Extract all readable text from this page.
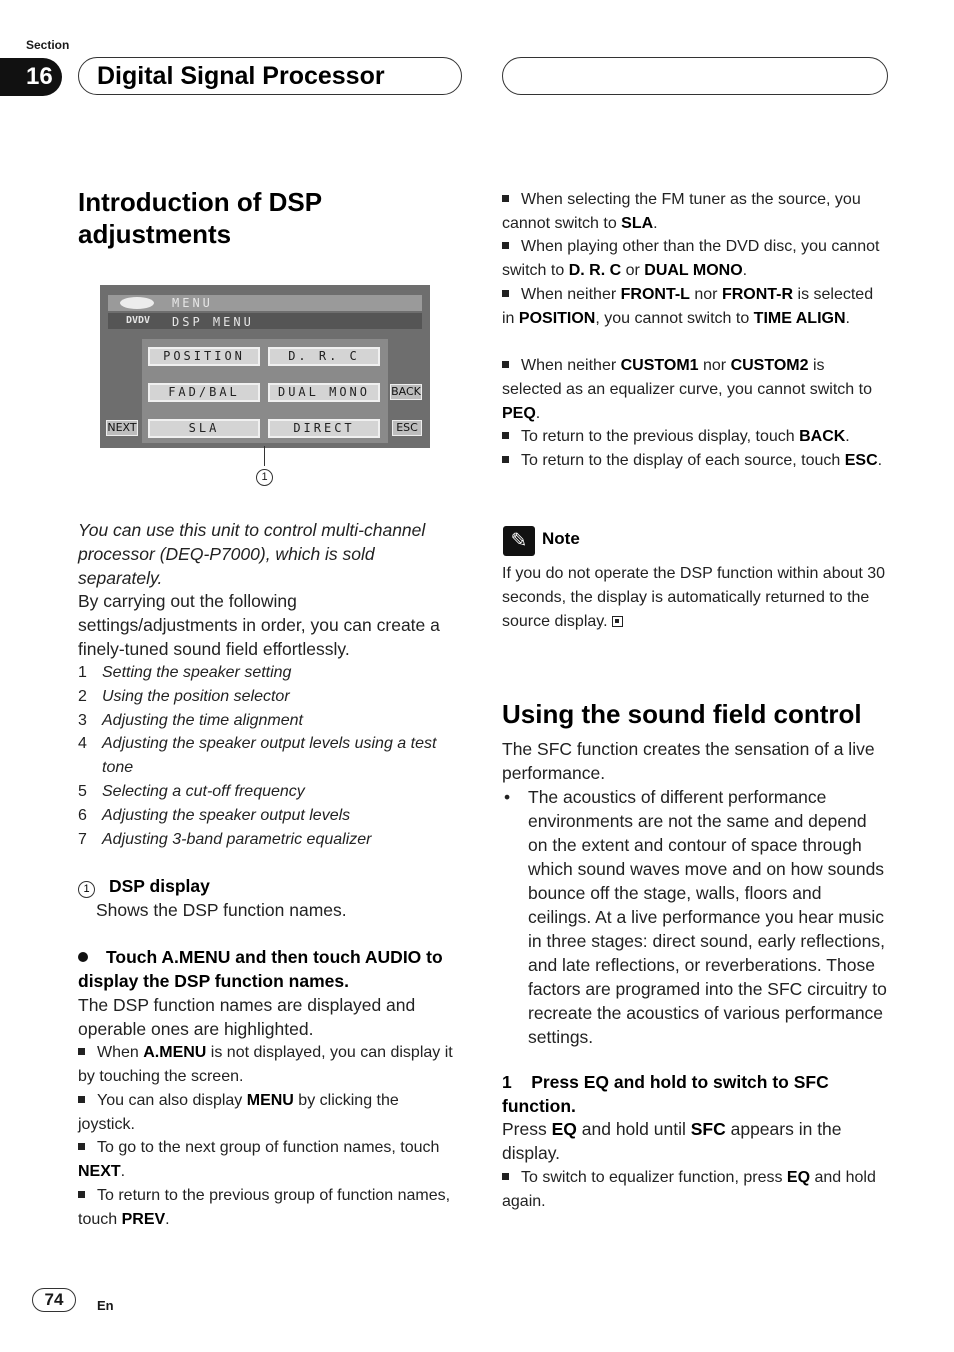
Section
16	Digital Signal Processor
Introduction of DSP adjustments
MENU
DVDV DSP MENU
POSITION	D. R. C
FAD/BAL	DUAL MONO
SLA	DIRECT
BACK
NEXT	ESC
1
You can use this unit to control multi-channel processor (DEQ-P7000), which is sold separately.
By carrying out the following settings/adjustments in order, you can create a finely-tuned sound field effortlessly.
1 Setting the speaker setting
2 Using the position selector
3 Adjusting the time alignment
4 Adjusting the speaker output levels using a test tone
5 Selecting a cut-off frequency
6 Adjusting the speaker output levels
7 Adjusting 3-band parametric equalizer
1 DSP display
Shows the DSP function names.
Touch A.MENU and then touch AUDIO to display the DSP function names.
The DSP function names are displayed and operable ones are highlighted.
When A.MENU is not displayed, you can display it by touching the screen.
You can also display MENU by clicking the joystick.
To go to the next group of function names, touch NEXT.
To return to the previous group of function names, touch PREV.
When selecting the FM tuner as the source, you cannot switch to SLA.
When playing other than the DVD disc, you cannot switch to D. R. C or DUAL MONO.
When neither FRONT-L nor FRONT-R is selected in POSITION, you cannot switch to TIME ALIGN.
When neither CUSTOM1 nor CUSTOM2 is selected as an equalizer curve, you cannot switch to PEQ.
To return to the previous display, touch BACK.
To return to the display of each source, touch ESC.
✎ Note
If you do not operate the DSP function within about 30 seconds, the display is automatically returned to the source display.
Using the sound field control
The SFC function creates the sensation of a live performance.
•	The acoustics of different performance environments are not the same and depend on the extent and contour of space through which sound waves move and on how sounds bounce off the stage, walls, floors and ceilings. At a live performance you hear music in three stages: direct sound, early reflections, and late reflections, or reverberations. Those factors are programed into the SFC circuitry to recreate the acoustics of various performance settings.
1 Press EQ and hold to switch to SFC function.
Press EQ and hold until SFC appears in the display.
To switch to equalizer function, press EQ and hold again.
74	En
